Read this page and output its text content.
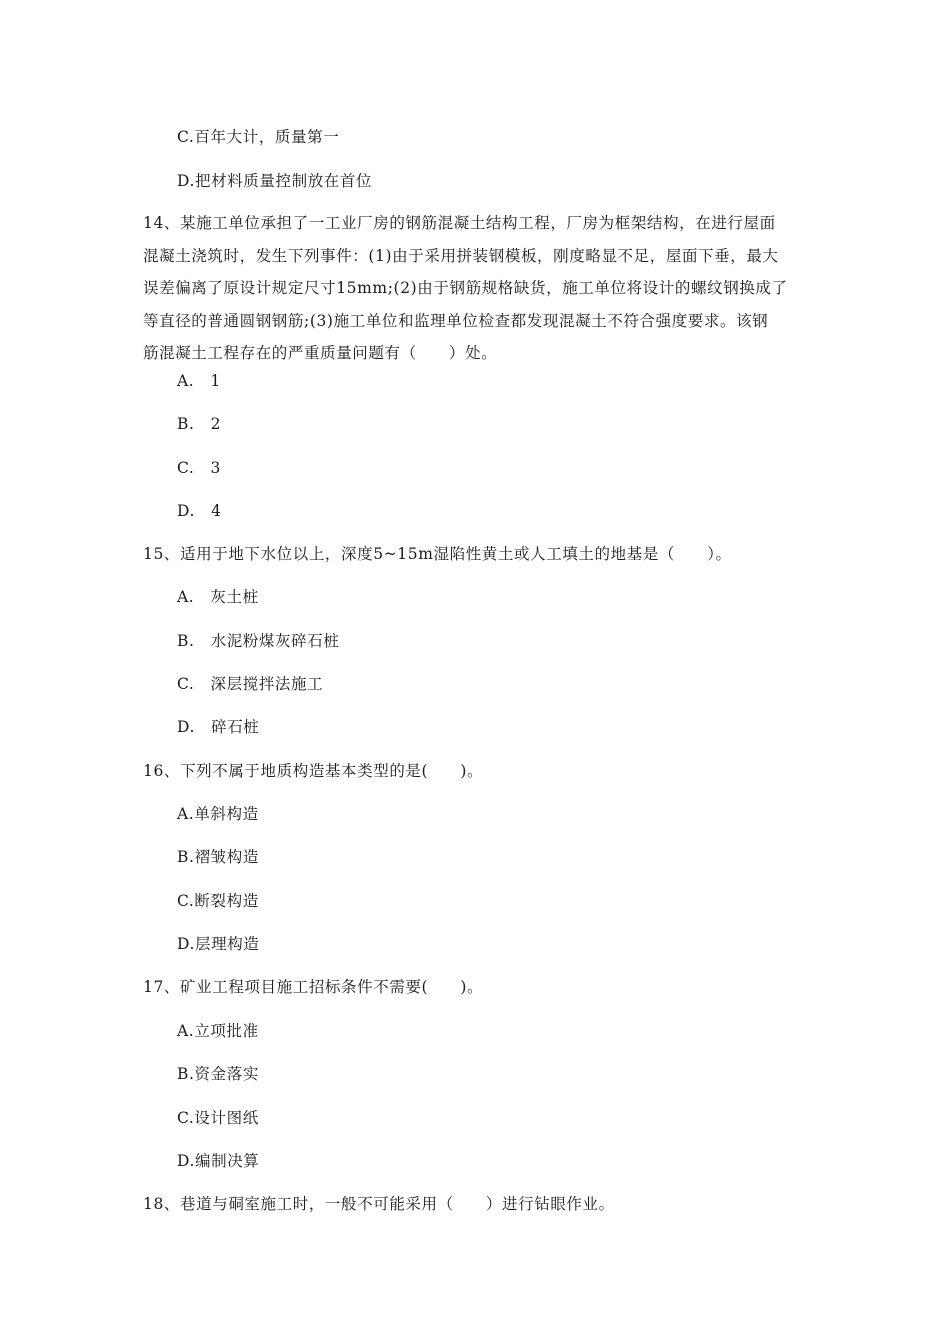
C.百年大计，质量第一
D.把材料质量控制放在首位
14、某施工单位承担了一工业厂房的钢筋混凝土结构工程，厂房为框架结构，在进行屋面
混凝土浇筑时，发生下列事件：(1)由于采用拼装钢模板，刚度略显不足，屋面下垂，最大
误差偏离了原设计规定尺寸15mm;(2)由于钢筋规格缺货，施工单位将设计的螺纹钢换成了
等直径的普通圆钢钢筋;(3)施工单位和监理单位检查都发现混凝土不符合强度要求。该钢
筋混凝土工程存在的严重质量问题有（　　）处。
A.　1
B.　2
C.　3
D.　4
15、适用于地下水位以上，深度5~15m湿陷性黄土或人工填土的地基是（　　）。
A.　灰土桩
B.　水泥粉煤灰碎石桩
C.　深层搅拌法施工
D.　碎石桩
16、下列不属于地质构造基本类型的是(　　)。
A.单斜构造
B.褶皱构造
C.断裂构造
D.层理构造
17、矿业工程项目施工招标条件不需要(　　)。
A.立项批准
B.资金落实
C.设计图纸
D.编制决算
18、巷道与硐室施工时，一般不可能采用（　　）进行钻眼作业。
